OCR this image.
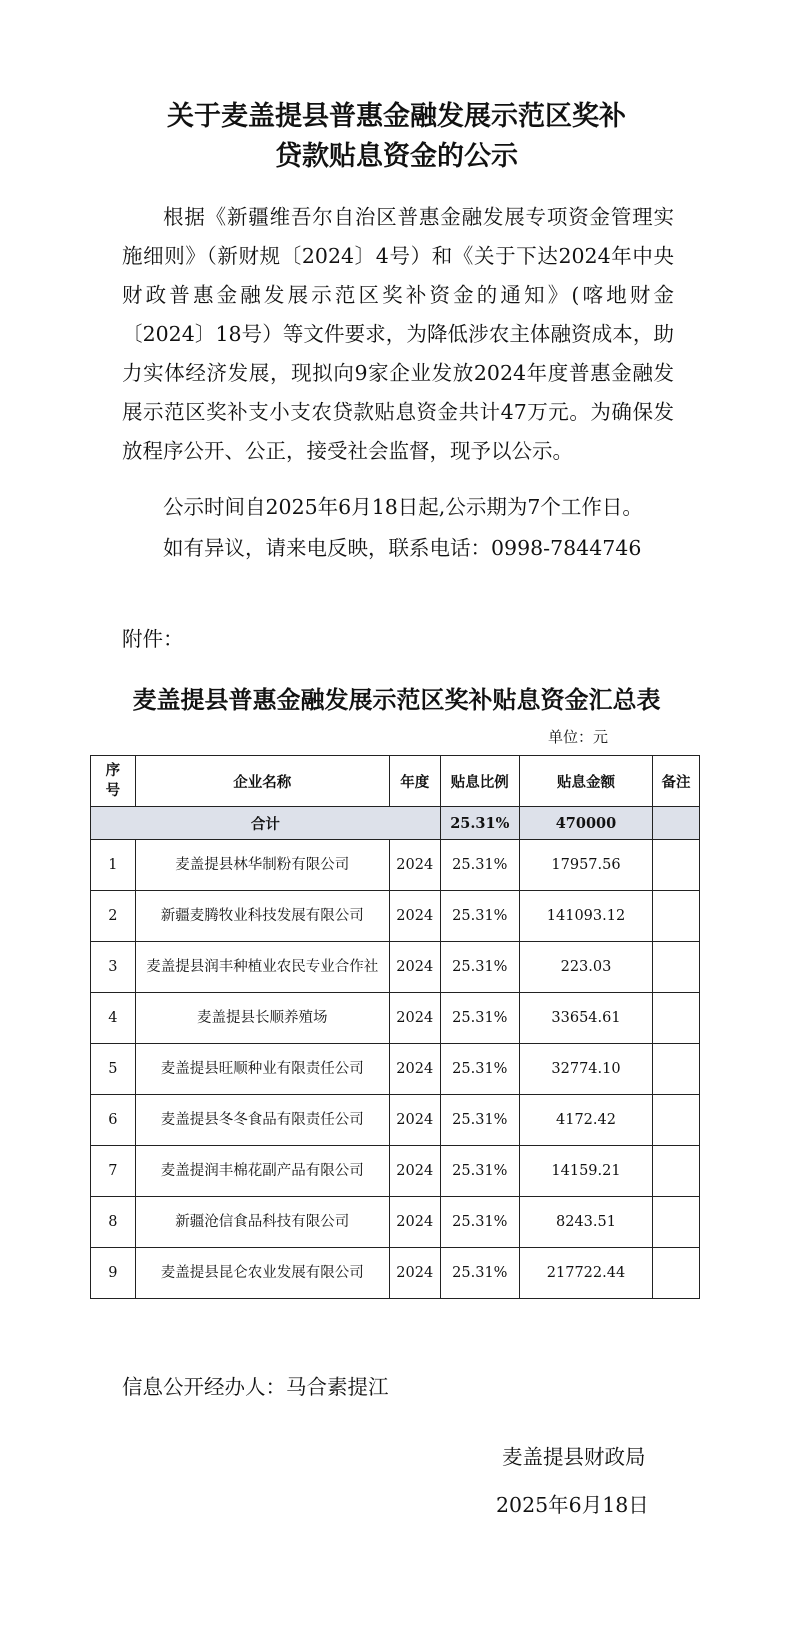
关于麦盖提县普惠金融发展示范区奖补
贷款贴息资金的公示

根据《新疆维吾尔自治区普惠金融发展专项资金管理实施细则》（新财规〔2024〕4号）和《关于下达2024年中央财政普惠金融发展示范区奖补资金的通知》(喀地财金〔2024〕18号）等文件要求，为降低涉农主体融资成本，助力实体经济发展，现拟向9家企业发放2024年度普惠金融发展示范区奖补支小支农贷款贴息资金共计47万元。为确保发放程序公开、公正，接受社会监督，现予以公示。

公示时间自2025年6月18日起,公示期为7个工作日。
如有异议，请来电反映，联系电话：0998-7844746
附件：
麦盖提县普惠金融发展示范区奖补贴息资金汇总表
单位：元
序号	企业名称	年度	贴息比例	贴息金额	备注
合计			25.31%	470000	
1	麦盖提县林华制粉有限公司	2024	25.31%	17957.56	
2	新疆麦腾牧业科技发展有限公司	2024	25.31%	141093.12	
3	麦盖提县润丰种植业农民专业合作社	2024	25.31%	223.03	
4	麦盖提县长顺养殖场	2024	25.31%	33654.61	
5	麦盖提县旺顺种业有限责任公司	2024	25.31%	32774.10	
6	麦盖提县冬冬食品有限责任公司	2024	25.31%	4172.42	
7	麦盖提润丰棉花副产品有限公司	2024	25.31%	14159.21	
8	新疆沧信食品科技有限公司	2024	25.31%	8243.51	
9	麦盖提县昆仑农业发展有限公司	2024	25.31%	217722.44	
信息公开经办人：马合素提江
麦盖提县财政局
2025年6月18日
